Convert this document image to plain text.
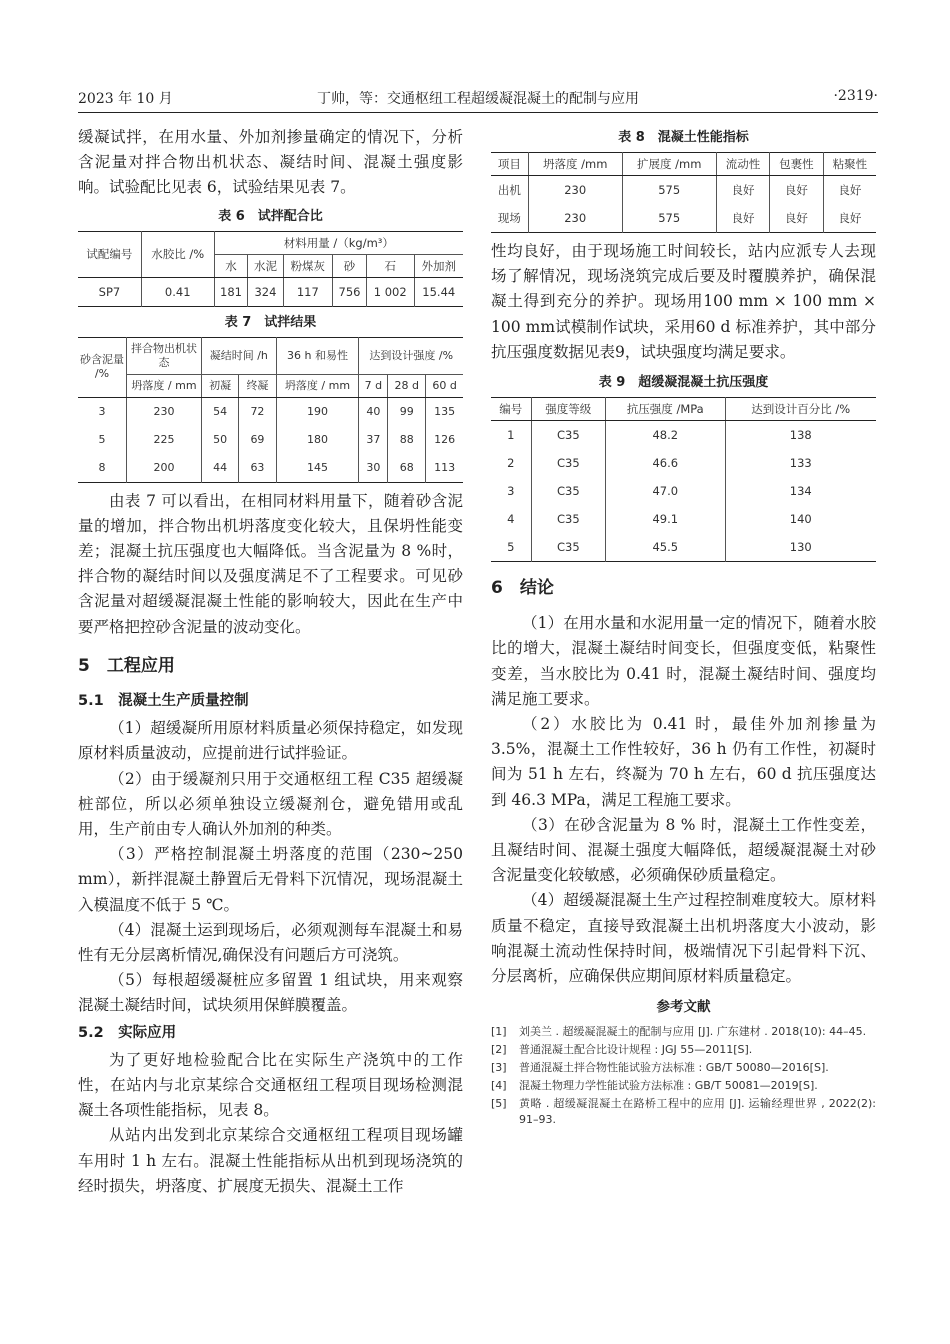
2023 年 10 月	丁帅，等：交通枢纽工程超缓凝混凝土的配制与应用	·2319·

缓凝试拌，在用水量、外加剂掺量确定的情况下，分析含泥量对拌合物出机状态、凝结时间、混凝土强度影响。试验配比见表 6，试验结果见表 7。

表 6　试拌配合比
试配编号	水胶比 /%	材料用量 /（kg/m³）					
		水	水泥	粉煤灰	砂	石	外加剂
SP7	0.41	181	324	117	756	1 002	15.44
表 7　试拌结果
砂含泥量 /%	拌合物出机状态	凝结时间 /h		36 h 和易性	达到设计强度 /%		
	坍落度 / mm	初凝	终凝	坍落度 / mm	7 d	28 d	60 d
3	230	54	72	190	40	99	135
5	225	50	69	180	37	88	126
8	200	44	63	145	30	68	113

由表 7 可以看出，在相同材料用量下，随着砂含泥量的增加，拌合物出机坍落度变化较大，且保坍性能变差；混凝土抗压强度也大幅降低。当含泥量为 8 %时，拌合物的凝结时间以及强度满足不了工程要求。可见砂含泥量对超缓凝混凝土性能的影响较大，因此在生产中要严格把控砂含泥量的波动变化。

5　工程应用
5.1　混凝土生产质量控制

（1）超缓凝所用原材料质量必须保持稳定，如发现原材料质量波动，应提前进行试拌验证。

（2）由于缓凝剂只用于交通枢纽工程 C35 超缓凝桩部位，所以必须单独设立缓凝剂仓，避免错用或乱用，生产前由专人确认外加剂的种类。

（3）严格控制混凝土坍落度的范围（230~250 mm），新拌混凝土静置后无骨料下沉情况，现场混凝土入模温度不低于 5 ℃。

（4）混凝土运到现场后，必须观测每车混凝土和易性有无分层离析情况,确保没有问题后方可浇筑。

（5）每根超缓凝桩应多留置 1 组试块，用来观察混凝土凝结时间，试块须用保鲜膜覆盖。

5.2　实际应用

为了更好地检验配合比在实际生产浇筑中的工作性，在站内与北京某综合交通枢纽工程项目现场检测混凝土各项性能指标，见表 8。

从站内出发到北京某综合交通枢纽工程项目现场罐车用时 1 h 左右。混凝土性能指标从出机到现场浇筑的经时损失，坍落度、扩展度无损失、混凝土工作

表 8　混凝土性能指标
项目	坍落度 /mm	扩展度 /mm	流动性	包裹性	粘聚性
出机	230	575	良好	良好	良好
现场	230	575	良好	良好	良好

性均良好，由于现场施工时间较长，站内应派专人去现场了解情况，现场浇筑完成后要及时覆膜养护，确保混凝土得到充分的养护。现场用100 mm × 100 mm × 100 mm试模制作试块，采用60 d 标准养护，其中部分抗压强度数据见表9，试块强度均满足要求。

表 9　超缓凝混凝土抗压强度
编号	强度等级	抗压强度 /MPa	达到设计百分比 /%
1	C35	48.2	138
2	C35	46.6	133
3	C35	47.0	134
4	C35	49.1	140
5	C35	45.5	130
6　结论

（1）在用水量和水泥用量一定的情况下，随着水胶比的增大，混凝土凝结时间变长，但强度变低，粘聚性变差，当水胶比为 0.41 时，混凝土凝结时间、强度均满足施工要求。

（2）水胶比为 0.41 时，最佳外加剂掺量为 3.5%，混凝土工作性较好，36 h 仍有工作性，初凝时间为 51 h 左右，终凝为 70 h 左右，60 d 抗压强度达到 46.3 MPa，满足工程施工要求。

（3）在砂含泥量为 8 % 时，混凝土工作性变差，且凝结时间、混凝土强度大幅降低，超缓凝混凝土对砂含泥量变化较敏感，必须确保砂质量稳定。

（4）超缓凝混凝土生产过程控制难度较大。原材料质量不稳定，直接导致混凝土出机坍落度大小波动，影响混凝土流动性保持时间，极端情况下引起骨料下沉、分层离析，应确保供应期间原材料质量稳定。

参考文献
[1]	刘美兰 . 超缓凝混凝土的配制与应用 [J]. 广东建材 . 2018(10): 44–45.
[2]	普通混凝土配合比设计规程 : JGJ 55—2011[S].
[3]	普通混凝土拌合物性能试验方法标准 : GB/T 50080—2016[S].
[4]	混凝土物理力学性能试验方法标准 : GB/T 50081—2019[S].
[5]	黄略 . 超缓凝混凝土在路桥工程中的应用 [J]. 运输经理世界 , 2022(2): 91–93.
